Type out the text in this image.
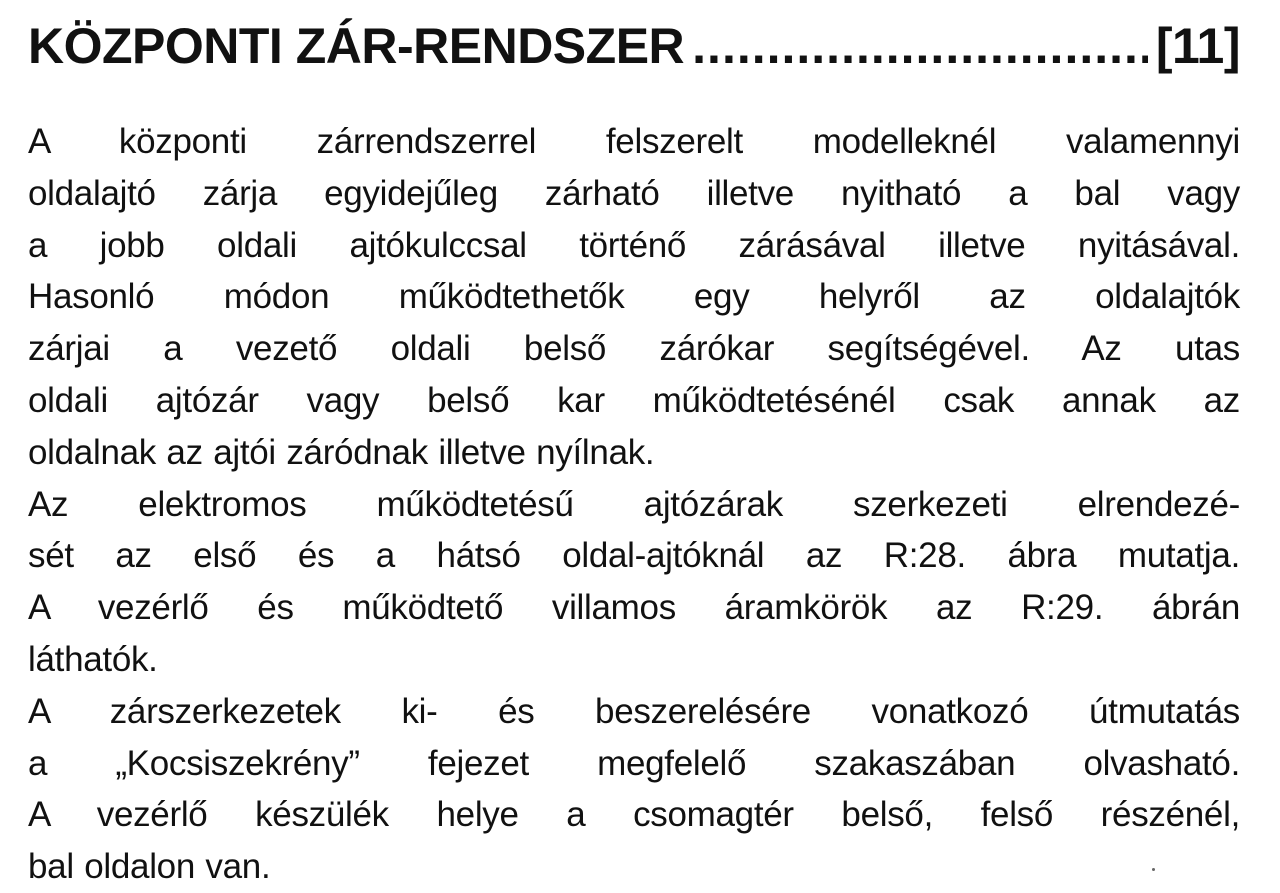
KÖZPONTI ZÁR-RENDSZER
.....	[11]

A központi zárrendszerrel felszerelt modelleknél valamennyi
oldalajtó zárja egyidejűleg zárható illetve nyitható a bal vagy
a jobb oldali ajtókulccsal történő zárásával illetve nyitásával.
Hasonló módon működtethetők egy helyről az oldalajtók
zárjai a vezető oldali belső zárókar segítségével. Az utas
oldali ajtózár vagy belső kar működtetésénél csak annak az
oldalnak az ajtói záródnak illetve nyílnak.

Az elektromos működtetésű ajtózárak szerkezeti elrendezé-
sét az első és a hátsó oldal-ajtóknál az R:28. ábra mutatja.
A vezérlő és működtető villamos áramkörök az R:29. ábrán
láthatók.

A zárszerkezetek ki- és beszerelésére vonatkozó útmutatás
a „Kocsiszekrény” fejezet megfelelő szakaszában olvasható.
A vezérlő készülék helye a csomagtér belső, felső részénél,
bal oldalon van.
